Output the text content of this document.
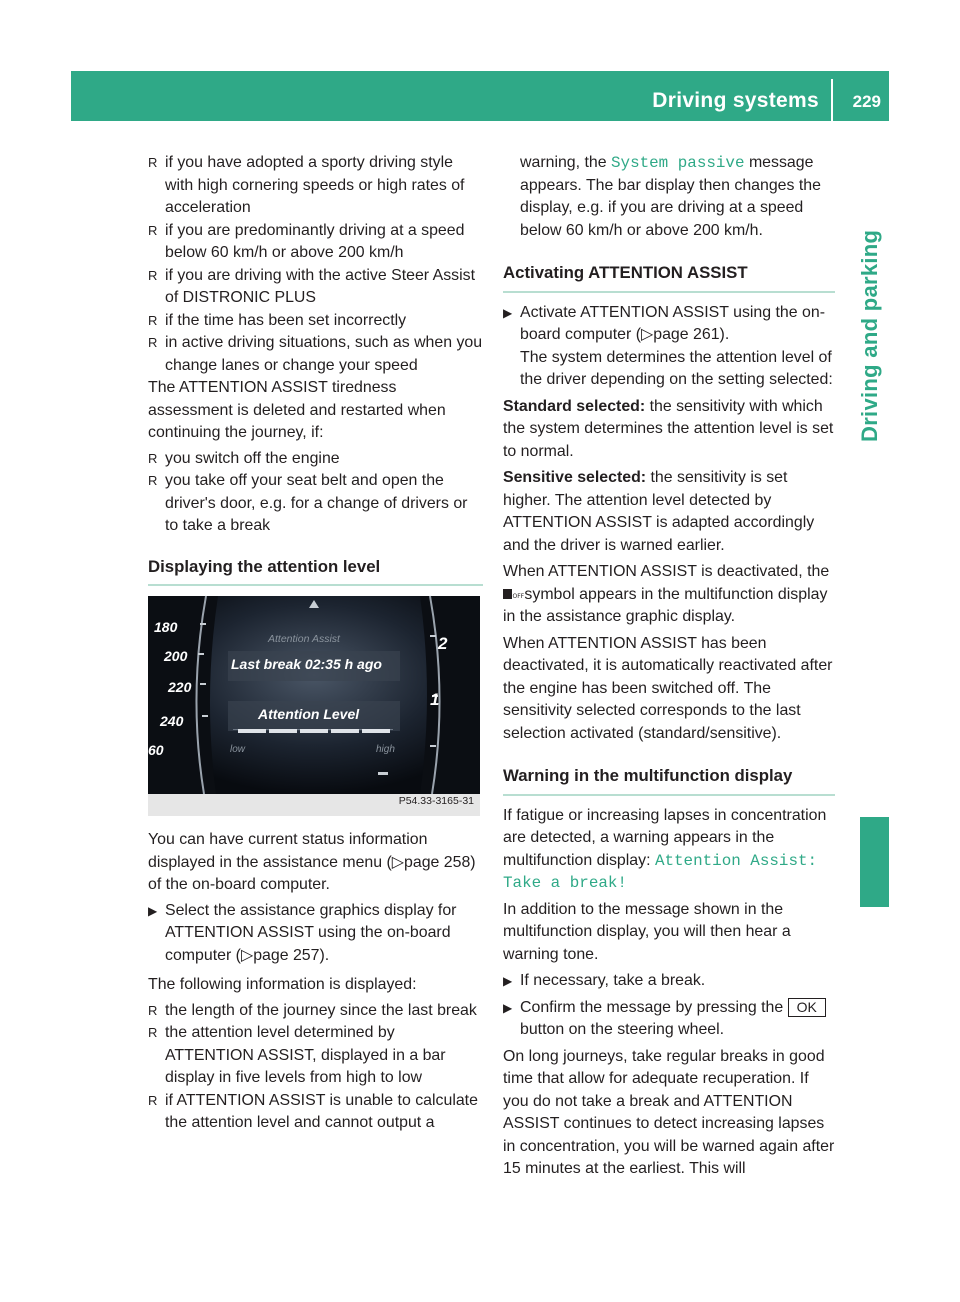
Driving systems 229
Driving and parking

R if you have adopted a sporty driving style with high cornering speeds or high rates of acceleration

R if you are predominantly driving at a speed below 60 km/h or above 200 km/h

R if you are driving with the active Steer Assist of DISTRONIC PLUS

R if the time has been set incorrectly

R in active driving situations, such as when you change lanes or change your speed

The ATTENTION ASSIST tiredness assessment is deleted and restarted when continuing the journey, if:

R you switch off the engine

R you take off your seat belt and open the driver's door, e.g. for a change of drivers or to take a break

Displaying the attention level

Attention Assist
Last break 02:35 h ago
Attention Level
low	high
180
200
220
240
60
2
1
P54.33-3165-31

You can have current status information displayed in the assistance menu (▷page 258) of the on-board computer.

▶ Select the assistance graphics display for ATTENTION ASSIST using the on-board computer (▷page 257).

The following information is displayed:

R the length of the journey since the last break

R the attention level determined by ATTENTION ASSIST, displayed in a bar display in five levels from high to low

R if ATTENTION ASSIST is unable to calculate the attention level and cannot output a

warning, the System passive message appears. The bar display then changes the display, e.g. if you are driving at a speed below 60 km/h or above 200 km/h.

Activating ATTENTION ASSIST

▶ Activate ATTENTION ASSIST using the on-board computer (▷page 261).
The system determines the attention level of the driver depending on the setting selected:

Standard selected: the sensitivity with which the system determines the attention level is set to normal.

Sensitive selected: the sensitivity is set higher. The attention level detected by ATTENTION ASSIST is adapted accordingly and the driver is warned earlier.

When ATTENTION ASSIST is deactivated, the

OFF symbol appears in the multifunction display in the assistance graphic display.

When ATTENTION ASSIST has been deactivated, it is automatically reactivated after the engine has been switched off. The sensitivity selected corresponds to the last selection activated (standard/sensitive).

Warning in the multifunction display

If fatigue or increasing lapses in concentration are detected, a warning appears in the multifunction display: Attention Assist: Take a break!

In addition to the message shown in the multifunction display, you will then hear a warning tone.

▶ If necessary, take a break.

▶ Confirm the message by pressing the OK
button on the steering wheel.

On long journeys, take regular breaks in good time that allow for adequate recuperation. If you do not take a break and ATTENTION ASSIST continues to detect increasing lapses in concentration, you will be warned again after 15 minutes at the earliest. This will
